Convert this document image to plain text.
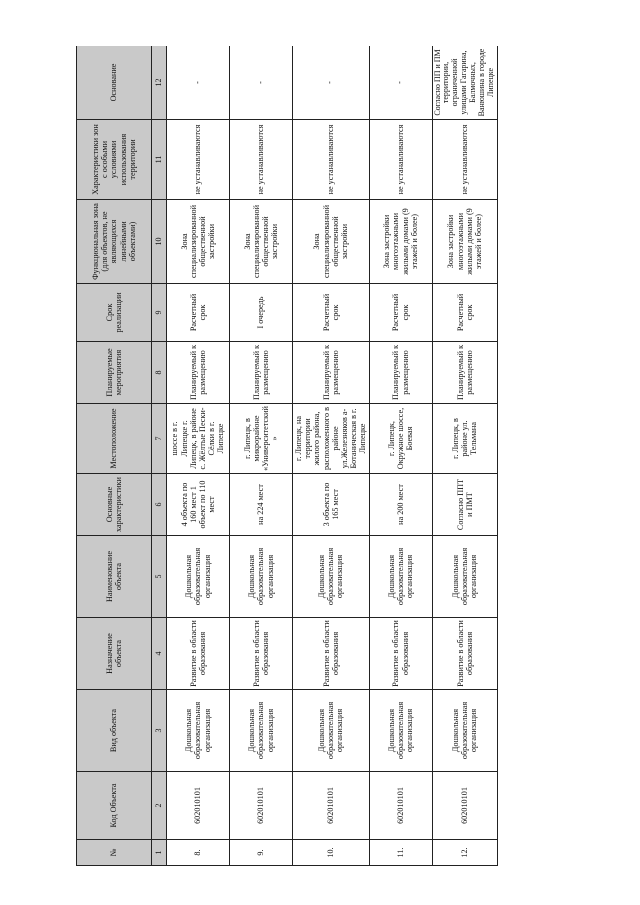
№	Код Объекта	Вид объекта	Назначение объекта	Наименование объекта	Основные характеристики	Местоположение	Планируемые мероприятия	Срок реализации	Функциональная зона (для объектов, не являющихся линейными объектами)	Характеристики зон с особыми условиями использования территории	Основание
1	2	3	4	5	6	7	8	9	10	11	12
8.	602010101	Дошкольная образовательная организация	Развитие в области образования	Дошкольная образовательная организация	4 объекта по 160 мест 1 объект по 110 мест	шоссе в г. Липецке г. Липецк, в районе с. Жёлтые Пески- Сёлки в г. Липецке	Планируемый к размещению	Расчетный срок	Зона специализированной общественной застройки	не устанавливаются	-
9.	602010101	Дошкольная образовательная организация	Развитие в области образования	Дошкольная образовательная организация	на 224 мест	г. Липецк, в микрорайоне «Университетский»	Планируемый к размещению	I очередь	Зона специализированной общественной застройки	не устанавливаются	-
10.	602010101	Дошкольная образовательная организация	Развитие в области образования	Дошкольная образовательная организация	3 объекта по 165 мест	г. Липецк, на территории жилого района, расположенного в районе ул.Железняков а-Ботаническая в г. Липецке	Планируемый к размещению	Расчетный срок	Зона специализированной общественной застройки	не устанавливаются	-
11.	602010101	Дошкольная образовательная организация	Развитие в области образования	Дошкольная образовательная организация	на 200 мест	г. Липецк, Окружное шоссе, Боевая	Планируемый к размещению	Расчетный срок	Зона застройки многоэтажными жилыми домами (9 этажей и более)	не устанавливаются	-
12.	602010101	Дошкольная образовательная организация	Развитие в области образования	Дошкольная образовательная организация	Согласно ППТ и ПМТ	г. Липецк, в районе ул. Тельмана	Планируемый к размещению	Расчетный срок	Зона застройки многоэтажными жилыми домами (9 этажей и более)	не устанавливаются	Согласно ПП и ПМ территории, ограниченной улицами Гагарина, Балмочных, Ванюшина в городе Липецке
